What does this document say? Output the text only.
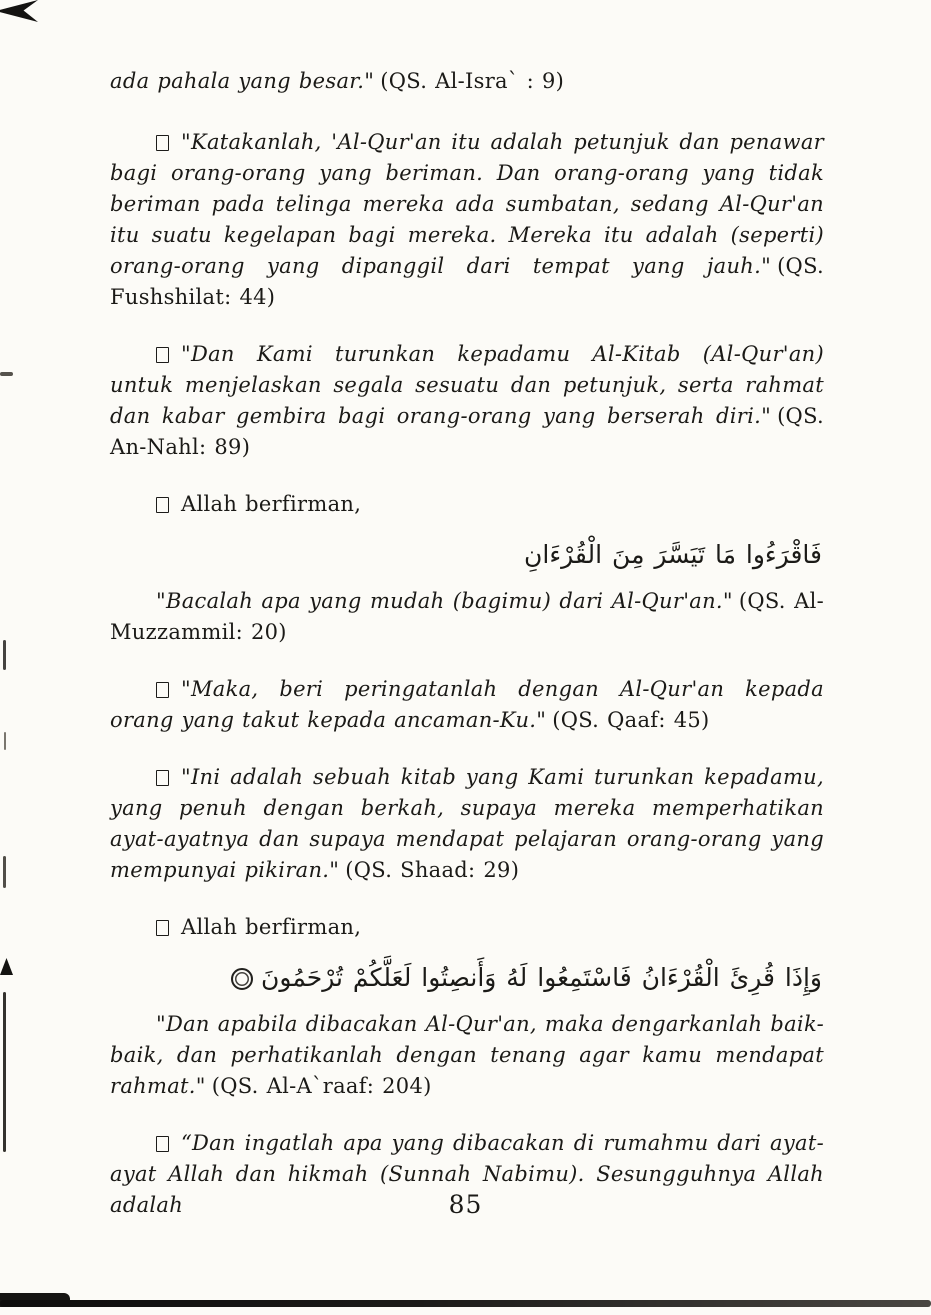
ada pahala yang besar." (QS. Al-Isra` : 9)

"Katakanlah, 'Al-Qur'an itu adalah petunjuk dan penawar bagi orang-orang yang beriman. Dan orang-orang yang tidak beriman pada telinga mereka ada sumbatan, sedang Al-Qur'an itu suatu kegelapan bagi mereka. Mereka itu adalah (seperti) orang-orang yang dipanggil dari tempat yang jauh." (QS. Fushshilat: 44)

"Dan Kami turunkan kepadamu Al-Kitab (Al-Qur'an) untuk menjelaskan segala sesuatu dan petunjuk, serta rahmat dan kabar gembira bagi orang-orang yang berserah diri." (QS. An-Nahl: 89)

Allah berfirman,

فَاقْرَءُوا مَا تَيَسَّرَ مِنَ الْقُرْءَانِ

"Bacalah apa yang mudah (bagimu) dari Al-Qur'an." (QS. Al-Muzzammil: 20)

"Maka, beri peringatanlah dengan Al-Qur'an kepada orang yang takut kepada ancaman-Ku." (QS. Qaaf: 45)

"Ini adalah sebuah kitab yang Kami turunkan kepadamu, yang penuh dengan berkah, supaya mereka memperhatikan ayat-ayatnya dan supaya mendapat pelajaran orang-orang yang mempunyai pikiran." (QS. Shaad: 29)

Allah berfirman,

وَإِذَا قُرِئَ الْقُرْءَانُ فَاسْتَمِعُوا لَهُ وَأَنصِتُوا لَعَلَّكُمْ تُرْحَمُونَ

"Dan apabila dibacakan Al-Qur'an, maka dengarkanlah baik-baik, dan perhatikanlah dengan tenang agar kamu mendapat rahmat." (QS. Al-A`raaf: 204)

“Dan ingatlah apa yang dibacakan di rumahmu dari ayat-ayat Allah dan hikmah (Sunnah Nabimu). Sesungguhnya Allah adalah	85
